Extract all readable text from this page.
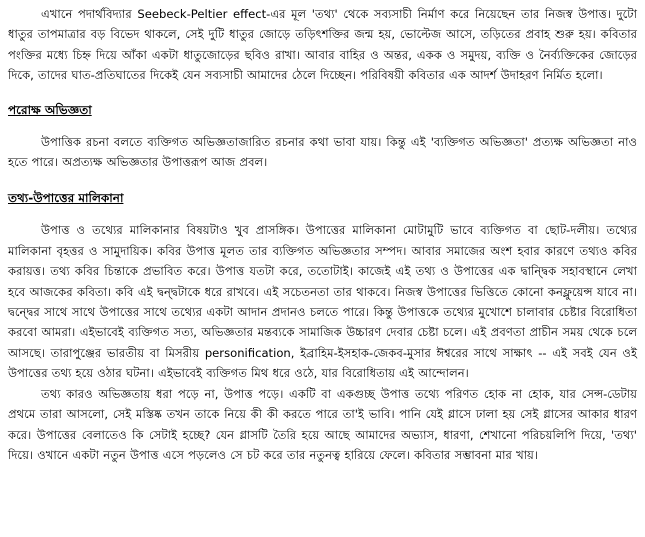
এখানে পদার্থবিদ্যার Seebeck-Peltier effect-এর মূল 'তথ্য' থেকে সব্যসাচী নির্মাণ করে নিয়েছেন তার নিজস্ব উপাত্ত। দুটো ধাতুর তাপমাত্রার বড় বিভেদ থাকলে, সেই দুটি ধাতুর জোড়ে তড়িৎশক্তির জন্ম হয়, ভোল্টেজ আসে, তড়িতের প্রবাহ শুরু হয়। কবিতার পংক্তির মধ্যে চিহ্ন দিয়ে আঁকা একটা ধাতুজোড়ের ছবিও রাখা। আবার বাহির ও অন্তর, একক ও সমুদয়, ব্যক্তি ও নৈর্ব্যক্তিকের জোড়ের দিকে, তাদের ঘাত-প্রতিঘাতের দিকেই যেন সব্যসাচী আমাদের ঠেলে দিচ্ছেন। পরিবিষয়ী কবিতার এক আদর্শ উদাহরণ নির্মিত হলো।

পরোক্ষ অভিজ্ঞতা

উপাত্তিক রচনা বলতে ব্যক্তিগত অভিজ্ঞতাজারিত রচনার কথা ভাবা যায়। কিন্তু এই 'ব্যক্তিগত অভিজ্ঞতা' প্রত্যক্ষ অভিজ্ঞতা নাও হতে পারে। অপ্রত্যক্ষ অভিজ্ঞতার উপাত্তরূপ আজ প্রবল।

তথ্য-উপাত্তের মালিকানা

উপাত্ত ও তথ্যের মালিকানার বিষয়টাও খুব প্রাসঙ্গিক। উপাত্তের মালিকানা মোটামুটি ভাবে ব্যক্তিগত বা ছোট-দলীয়। তথ্যের মালিকানা বৃহত্তর ও সামুদায়িক। কবির উপাত্ত মূলত তার ব্যক্তিগত অভিজ্ঞতার সম্পদ। আবার সমাজের অংশ হবার কারণে তথ্যও কবির করায়ত্ত। তথ্য কবির চিন্তাকে প্রভাবিত করে। উপাত্ত যতটা করে, ততোটাই। কাজেই এই তথ্য ও উপাত্তের এক দ্বান্দ্বিক সহাবস্থানে লেখা হবে আজকের কবিতা। কবি এই দ্বন্দ্বটাকে ধরে রাখবে। এই সচেতনতা তার থাকবে। নিজস্ব উপাত্তের ভিত্তিতে কোনো কনফ্লুয়েন্স যাবে না। দ্বন্দ্বের সাথে সাথে উপাত্তের সাথে তথ্যের একটা আদান প্রদানও চলতে পারে। কিন্তু উপাত্তকে তথ্যের মুখোশে চালাবার চেষ্টার বিরোধিতা করবো আমরা। এইভাবেই ব্যক্তিগত সত্য, অভিজ্ঞতার মন্তব্যকে সামাজিক উচ্চারণ দেবার চেষ্টা চলে। এই প্রবণতা প্রাচীন সময় থেকে চলে আসছে। তারাপুঞ্জের ভারতীয় বা মিসরীয় personification, ইব্রাহিম-ইসহাক-জেকব-মুসার ঈশ্বরের সাথে সাক্ষাৎ -- এই সবই যেন ওই উপাত্তের তথ্য হয়ে ওঠার ঘটনা। এইভাবেই ব্যক্তিগত মিথ ধরে ওঠে, যার বিরোধিতায় এই আন্দোলন।

তথ্য কারও অভিজ্ঞতায় ধরা পড়ে না, উপাত্ত পড়ে। একটি বা একগুচ্ছ উপাত্ত তথ্যে পরিণত হোক না হোক, যার সেন্স-ডেটায় প্রথমে তারা আসলো, সেই মস্তিষ্ক তখন তাকে নিয়ে কী কী করতে পারে তা'ই ভাবি। পানি যেই গ্লাসে ঢালা হয় সেই গ্লাসের আকার ধারণ করে। উপাত্তের বেলাতেও কি সেটাই হচ্ছে? যেন গ্লাসটি তৈরি হয়ে আছে আমাদের অভ্যাস, ধারণা, শেখানো পরিচয়লিপি দিয়ে, 'তথ্য' দিয়ে। ওখানে একটা নতুন উপাত্ত এসে পড়লেও সে চট করে তার নতুনত্ব হারিয়ে ফেলে। কবিতার সম্ভাবনা মার খায়।
